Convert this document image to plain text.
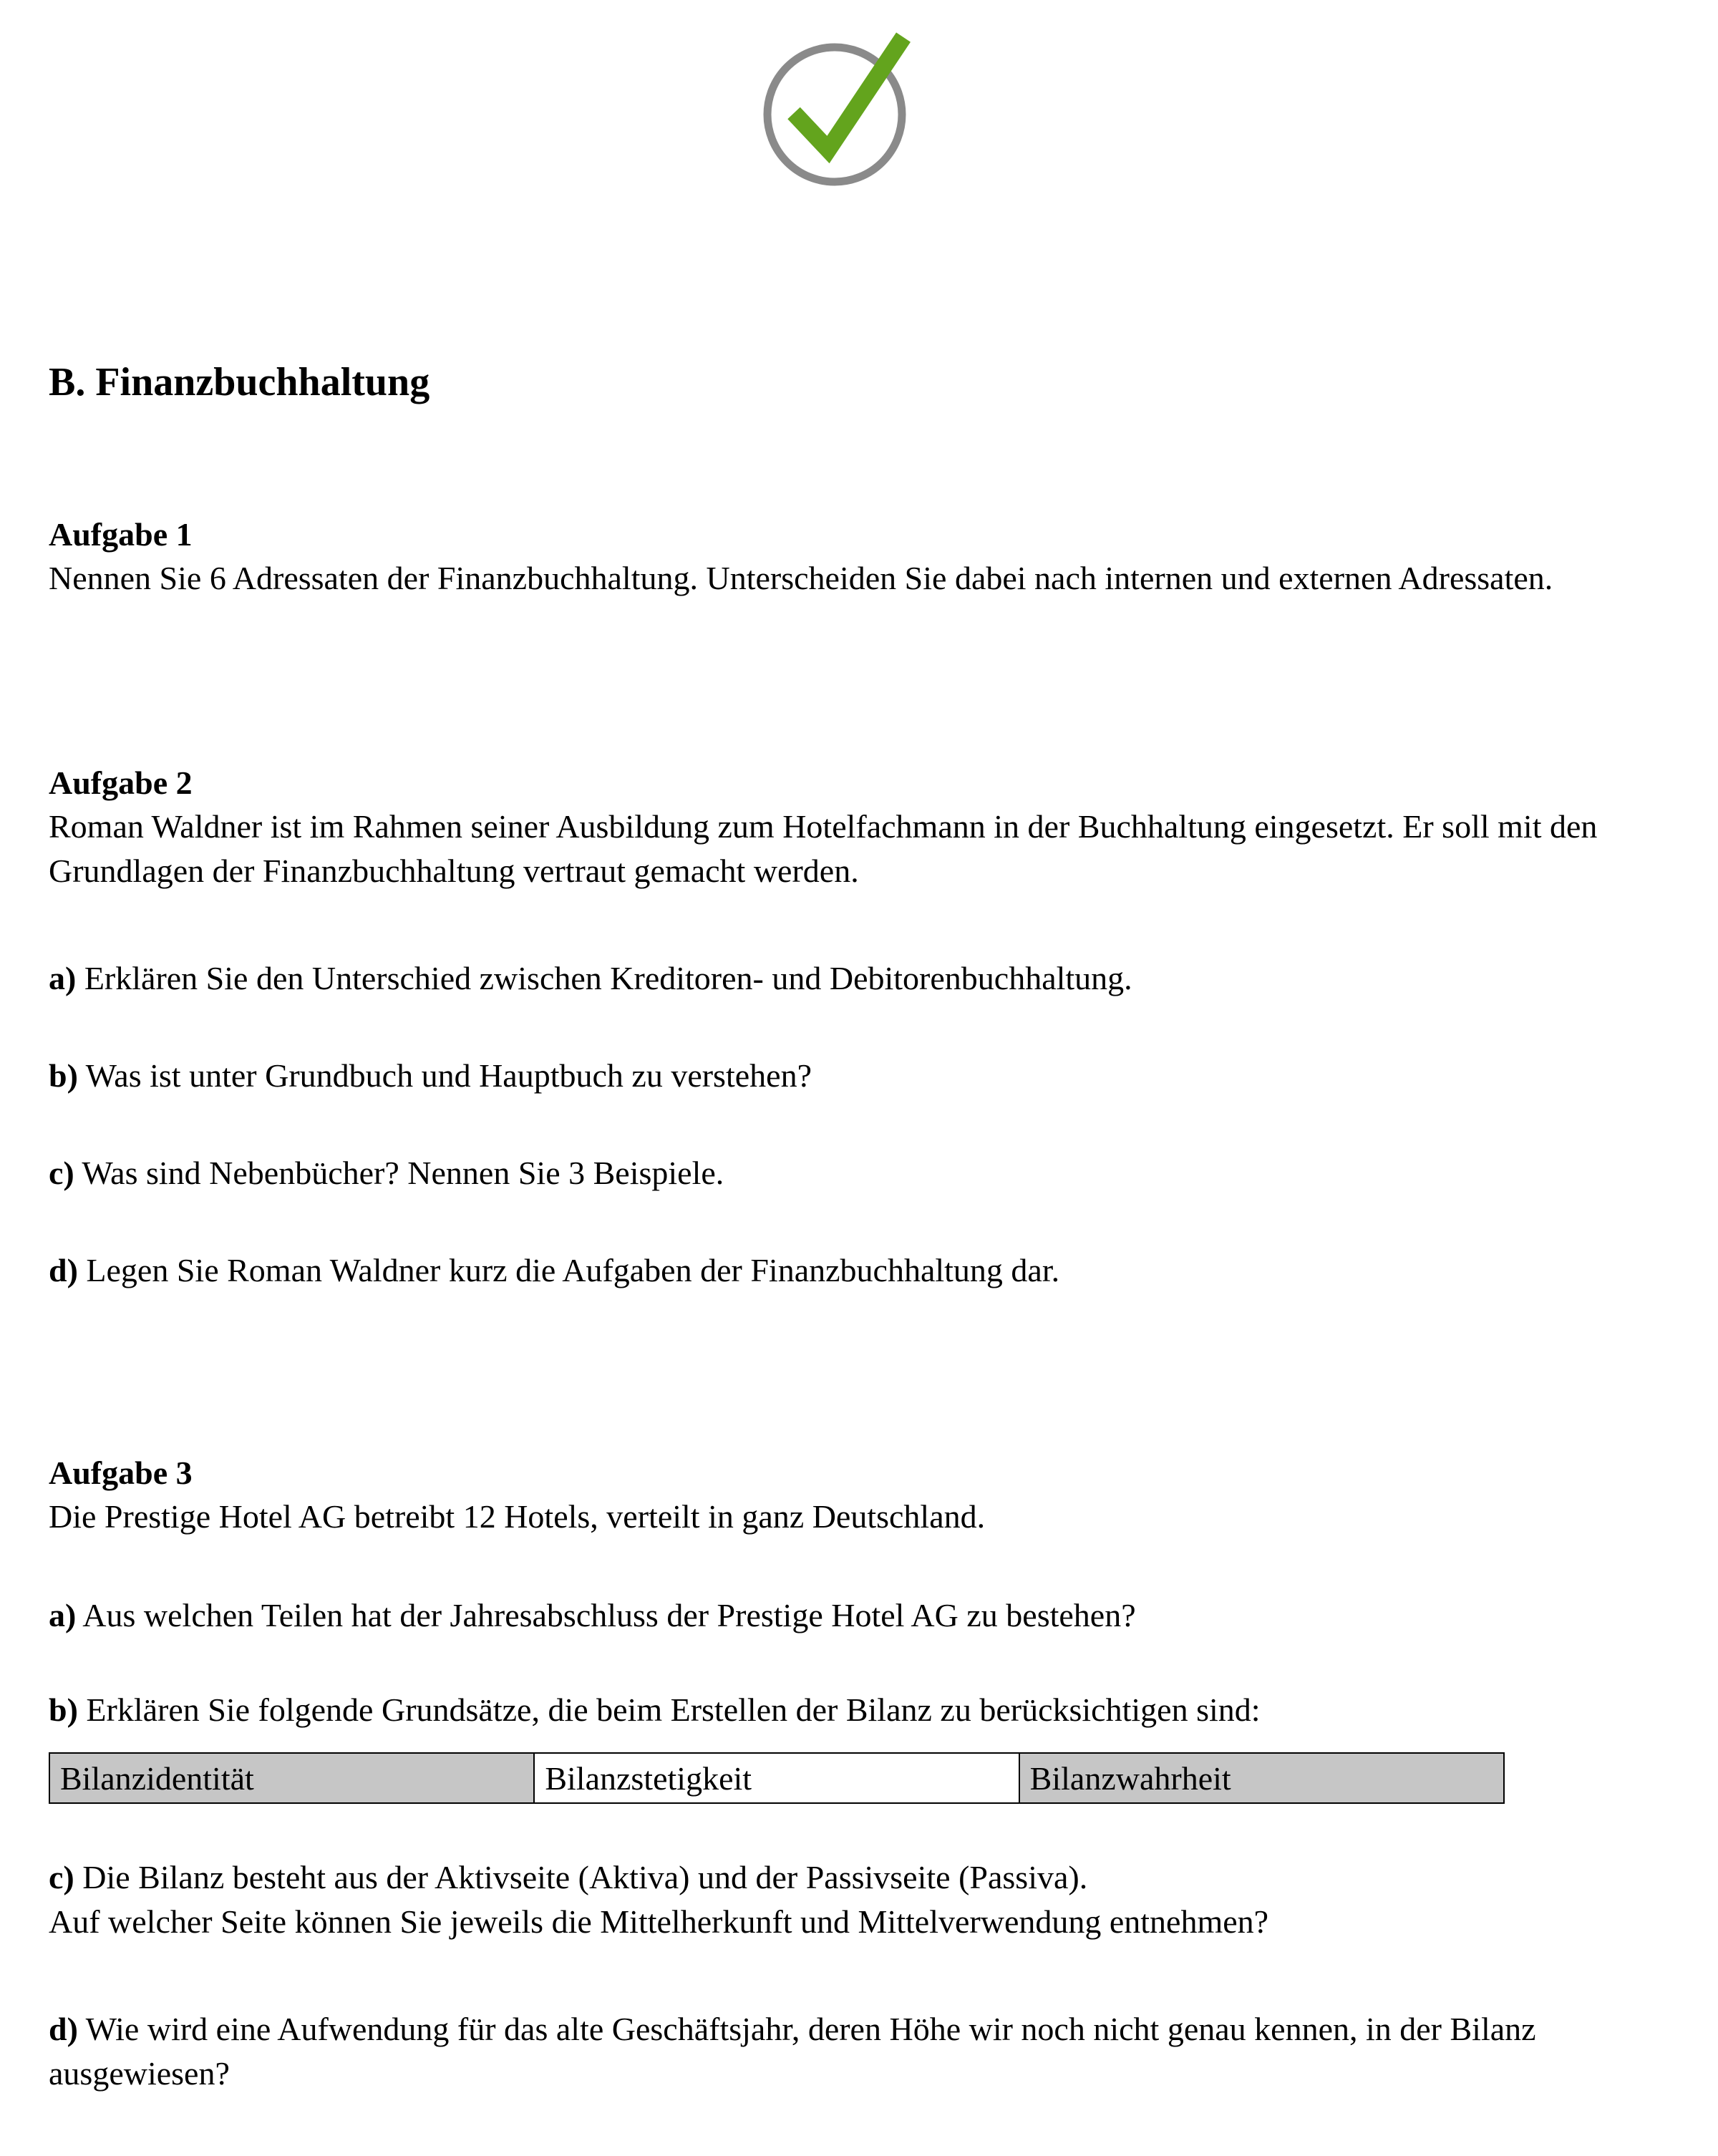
B. Finanzbuchhaltung
Aufgabe 1

Nennen Sie 6 Adressaten der Finanzbuchhaltung. Unterscheiden Sie dabei nach internen und externen Adressaten.

Aufgabe 2

Roman Waldner ist im Rahmen seiner Ausbildung zum Hotelfachmann in der Buchhaltung eingesetzt. Er soll mit den Grundlagen der Finanzbuchhaltung vertraut gemacht werden.

a) Erklären Sie den Unterschied zwischen Kreditoren- und Debitorenbuchhaltung.

b) Was ist unter Grundbuch und Hauptbuch zu verstehen?

c) Was sind Nebenbücher? Nennen Sie 3 Beispiele.

d) Legen Sie Roman Waldner kurz die Aufgaben der Finanzbuchhaltung dar.

Aufgabe 3

Die Prestige Hotel AG betreibt 12 Hotels, verteilt in ganz Deutschland.

a) Aus welchen Teilen hat der Jahresabschluss der Prestige Hotel AG zu bestehen?

b) Erklären Sie folgende Grundsätze, die beim Erstellen der Bilanz zu berücksichtigen sind:

Bilanzidentität	Bilanzstetigkeit	Bilanzwahrheit

c) Die Bilanz besteht aus der Aktivseite (Aktiva) und der Passivseite (Passiva).
Auf welcher Seite können Sie jeweils die Mittelherkunft und Mittelverwendung entnehmen?

d) Wie wird eine Aufwendung für das alte Geschäftsjahr, deren Höhe wir noch nicht genau kennen, in der Bilanz ausgewiesen?
